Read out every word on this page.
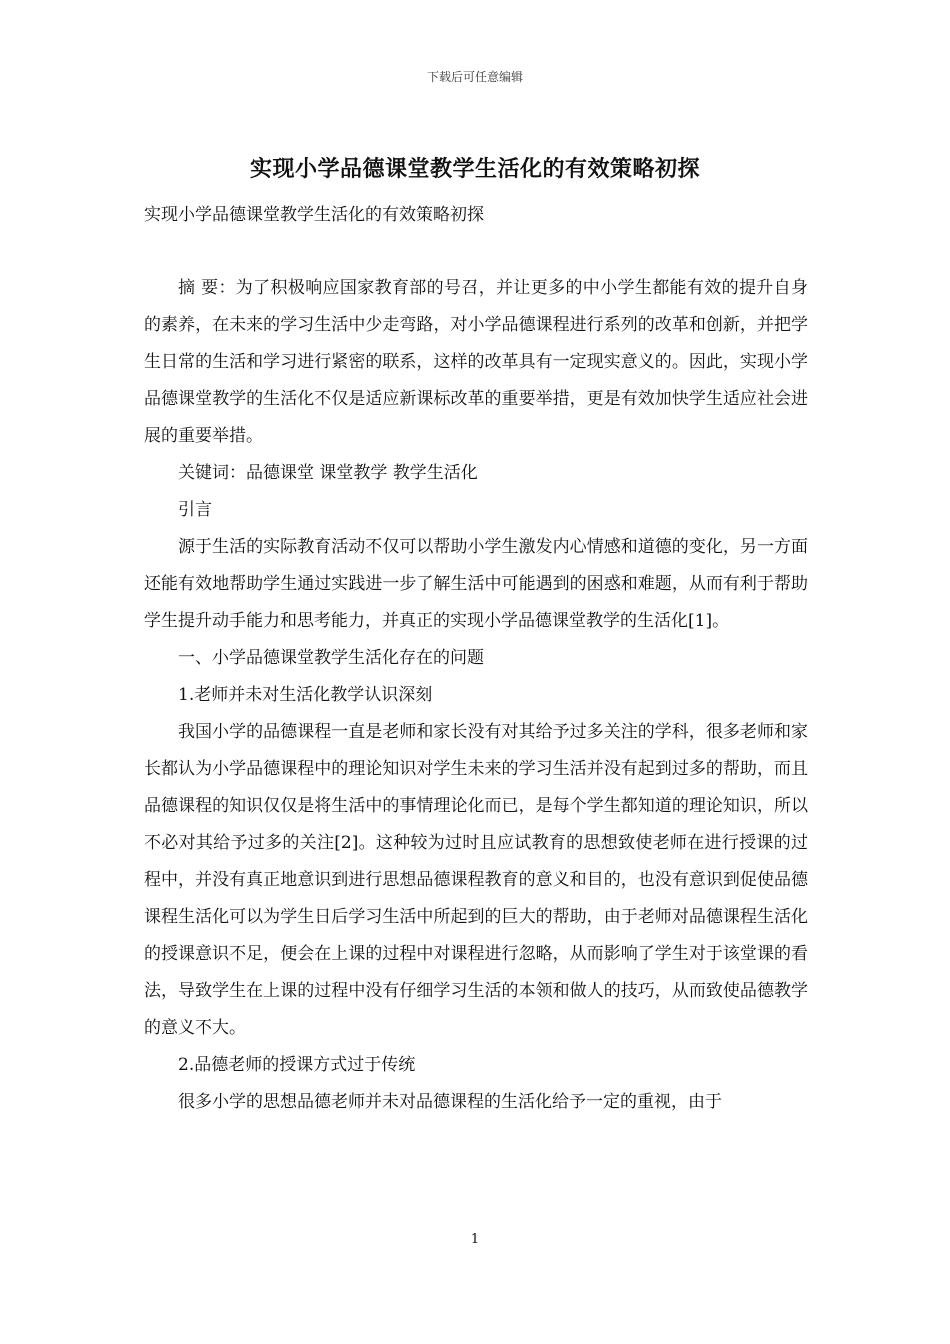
下载后可任意编辑
实现小学品德课堂教学生活化的有效策略初探
实现小学品德课堂教学生活化的有效策略初探

摘 要：为了积极响应国家教育部的号召，并让更多的中小学生都能有效的提升自身的素养，在未来的学习生活中少走弯路，对小学品德课程进行系列的改革和创新，并把学生日常的生活和学习进行紧密的联系，这样的改革具有一定现实意义的。因此，实现小学品德课堂教学的生活化不仅是适应新课标改革的重要举措，更是有效加快学生适应社会进展的重要举措。

关键词：品德课堂 课堂教学 教学生活化

引言

源于生活的实际教育活动不仅可以帮助小学生激发内心情感和道德的变化，另一方面还能有效地帮助学生通过实践进一步了解生活中可能遇到的困惑和难题，从而有利于帮助学生提升动手能力和思考能力，并真正的实现小学品德课堂教学的生活化[1]。

一、小学品德课堂教学生活化存在的问题

1.老师并未对生活化教学认识深刻

我国小学的品德课程一直是老师和家长没有对其给予过多关注的学科，很多老师和家长都认为小学品德课程中的理论知识对学生未来的学习生活并没有起到过多的帮助，而且品德课程的知识仅仅是将生活中的事情理论化而已，是每个学生都知道的理论知识，所以不必对其给予过多的关注[2]。这种较为过时且应试教育的思想致使老师在进行授课的过程中，并没有真正地意识到进行思想品德课程教育的意义和目的，也没有意识到促使品德课程生活化可以为学生日后学习生活中所起到的巨大的帮助，由于老师对品德课程生活化的授课意识不足，便会在上课的过程中对课程进行忽略，从而影响了学生对于该堂课的看法，导致学生在上课的过程中没有仔细学习生活的本领和做人的技巧，从而致使品德教学的意义不大。

2.品德老师的授课方式过于传统

很多小学的思想品德老师并未对品德课程的生活化给予一定的重视，由于

1
